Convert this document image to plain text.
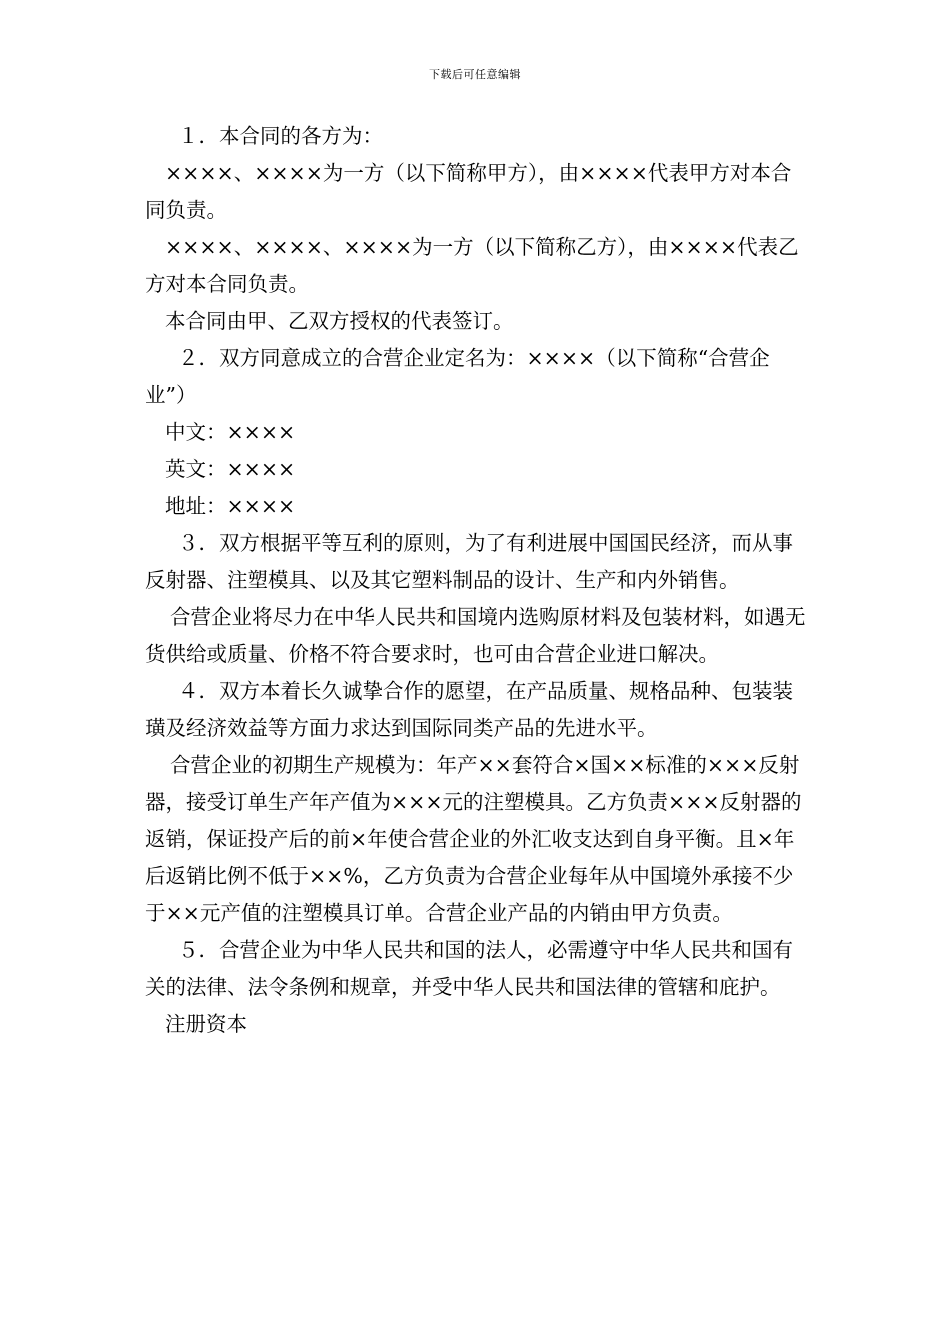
下载后可任意编辑

１．本合同的各方为：

××××、××××为一方（以下简称甲方），由××××代表甲方对本合同负责。

××××、××××、××××为一方（以下简称乙方），由××××代表乙方对本合同负责。

本合同由甲、乙双方授权的代表签订。

２．双方同意成立的合营企业定名为：××××（以下简称“合营企业”）

中文：××××

英文：××××

地址：××××

３．双方根据平等互利的原则，为了有利进展中国国民经济，而从事反射器、注塑模具、以及其它塑料制品的设计、生产和内外销售。

合营企业将尽力在中华人民共和国境内选购原材料及包装材料，如遇无货供给或质量、价格不符合要求时，也可由合营企业进口解决。

４．双方本着长久诚挚合作的愿望，在产品质量、规格品种、包装装璜及经济效益等方面力求达到国际同类产品的先进水平。

合营企业的初期生产规模为：年产××套符合×国××标准的×××反射器，接受订单生产年产值为×××元的注塑模具。乙方负责×××反射器的返销，保证投产后的前×年使合营企业的外汇收支达到自身平衡。且×年后返销比例不低于××%，乙方负责为合营企业每年从中国境外承接不少于××元产值的注塑模具订单。合营企业产品的内销由甲方负责。

５．合营企业为中华人民共和国的法人，必需遵守中华人民共和国有关的法律、法令条例和规章，并受中华人民共和国法律的管辖和庇护。

注册资本
